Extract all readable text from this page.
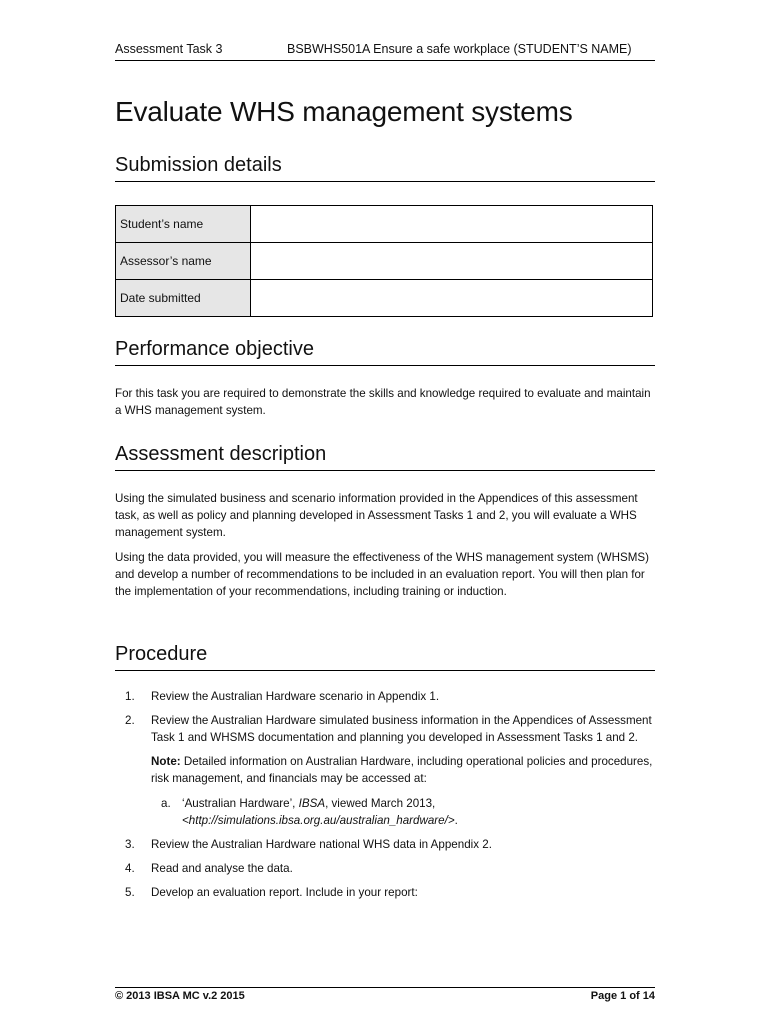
Assessment Task 3	BSBWHS501A Ensure a safe workplace (STUDENT’S NAME)
Evaluate WHS management systems
Submission details
Student’s name	
Assessor’s name	
Date submitted	
Performance objective

For this task you are required to demonstrate the skills and knowledge required to evaluate and maintain a WHS management system.

Assessment description

Using the simulated business and scenario information provided in the Appendices of this assessment task, as well as policy and planning developed in Assessment Tasks 1 and 2, you will evaluate a WHS management system.

Using the data provided, you will measure the effectiveness of the WHS management system (WHSMS) and develop a number of recommendations to be included in an evaluation report. You will then plan for the implementation of your recommendations, including training or induction.

Procedure
1. Review the Australian Hardware scenario in Appendix 1.
2. Review the Australian Hardware simulated business information in the Appendices of Assessment Task 1 and WHSMS documentation and planning you developed in Assessment Tasks 1 and 2.
Note: Detailed information on Australian Hardware, including operational policies and procedures, risk management, and financials may be accessed at:
a. ‘Australian Hardware’, IBSA, viewed March 2013,
<http://simulations.ibsa.org.au/australian_hardware/>.
3. Review the Australian Hardware national WHS data in Appendix 2.
4. Read and analyse the data.
5. Develop an evaluation report. Include in your report:
© 2013 IBSA MC v.2 2015	Page 1 of 14
